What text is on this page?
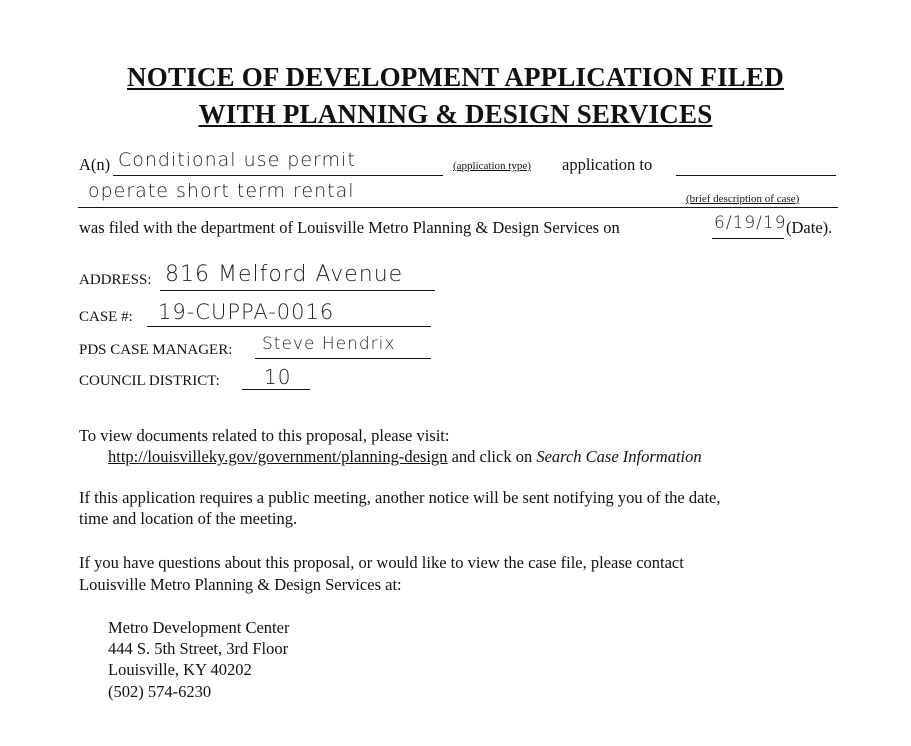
NOTICE OF DEVELOPMENT APPLICATION FILED
WITH PLANNING & DESIGN SERVICES
A(n) Conditional use permit	(application type) application to
operate short term rental	(brief description of case)
was filed with the department of Louisville Metro Planning & Design Services on	6/19/19 (Date).
ADDRESS: 816 Melford Avenue
CASE #: 19-CUPPA-0016
PDS CASE MANAGER: Steve Hendrix
COUNCIL DISTRICT: 10
To view documents related to this proposal, please visit:
http://louisvilleky.gov/government/planning-design and click on Search Case Information
If this application requires a public meeting, another notice will be sent notifying you of the date,
time and location of the meeting.
If you have questions about this proposal, or would like to view the case file, please contact
Louisville Metro Planning & Design Services at:
Metro Development Center
444 S. 5th Street, 3rd Floor
Louisville, KY 40202
(502) 574-6230
